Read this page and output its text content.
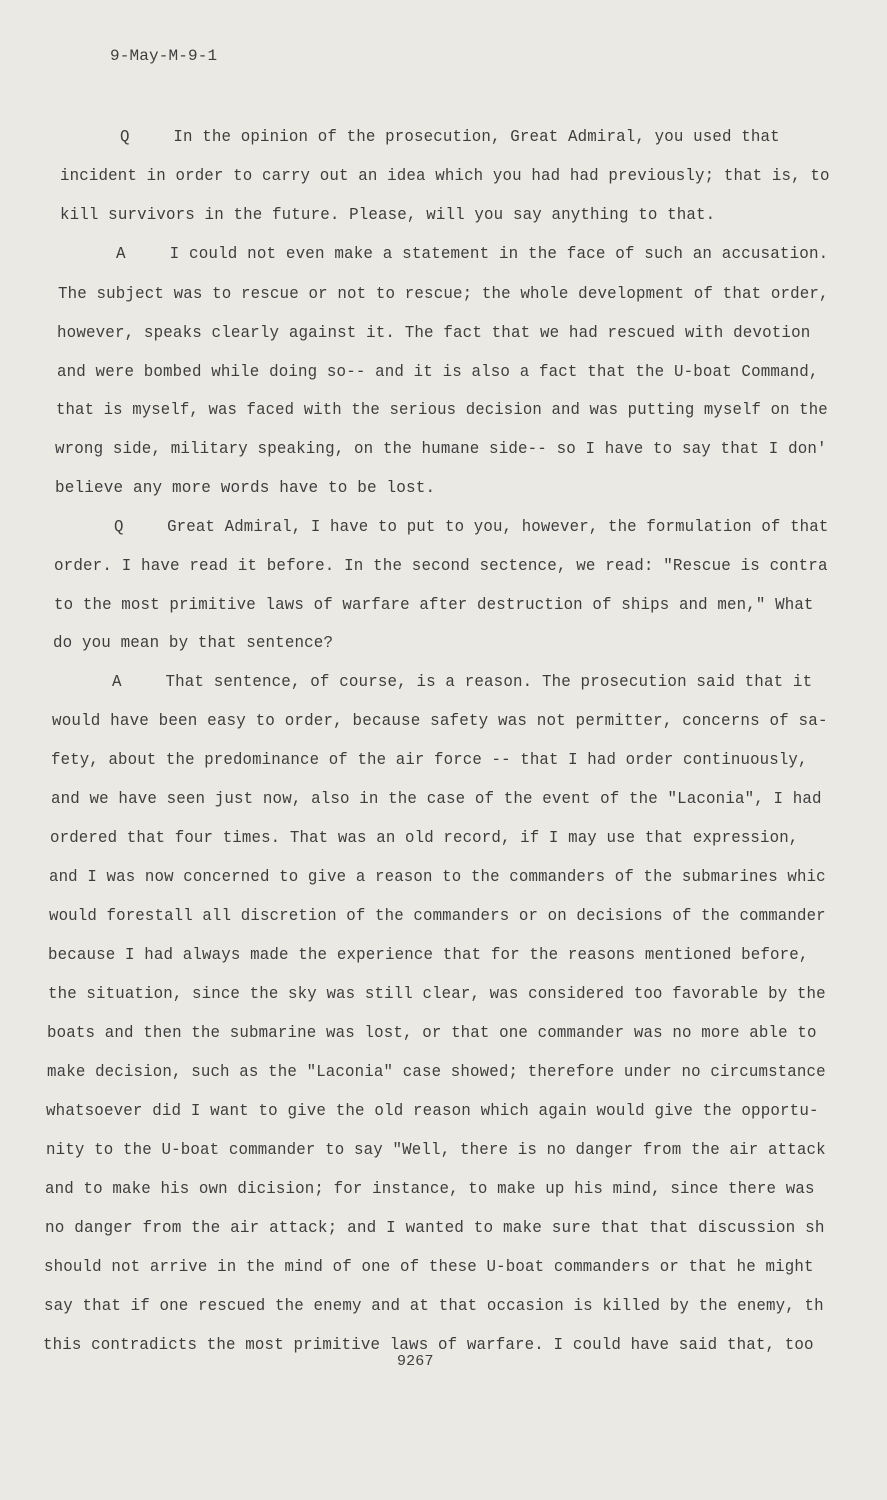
9-May-M-9-1
Q	In the opinion of the prosecution, Great Admiral, you used that
incident in order to carry out an idea which you had had previously; that is, to
kill survivors in the future. Please, will you say anything to that.
A	I could not even make a statement in the face of such an accusation.
The subject was to rescue or not to rescue; the whole development of that order,
however, speaks clearly against it. The fact that we had rescued with devotion
and were bombed while doing so-- and it is also a fact that the U-boat Command,
that is myself, was faced with the serious decision and was putting myself on the
wrong side, military speaking, on the humane side-- so I have to say that I don'
believe any more words have to be lost.
Q	Great Admiral, I have to put to you, however, the formulation of that
order. I have read it before. In the second sectence, we read: "Rescue is contra
to the most primitive laws of warfare after destruction of ships and men," What
do you mean by that sentence?
A	That sentence, of course, is a reason. The prosecution said that it
would have been easy to order, because safety was not permitter, concerns of sa-
fety, about the predominance of the air force -- that I had order continuously,
and we have seen just now, also in the case of the event of the "Laconia", I had
ordered that four times. That was an old record, if I may use that expression,
and I was now concerned to give a reason to the commanders of the submarines whic
would forestall all discretion of the commanders or on decisions of the commander
because I had always made the experience that for the reasons mentioned before,
the situation, since the sky was still clear, was considered too favorable by the
boats and then the submarine was lost, or that one commander was no more able to
make decision, such as the "Laconia" case showed; therefore under no circumstance
whatsoever did I want to give the old reason which again would give the opportu-
nity to the U-boat commander to say "Well, there is no danger from the air attack
and to make his own dicision; for instance, to make up his mind, since there was
no danger from the air attack; and I wanted to make sure that that discussion sh
should not arrive in the mind of one of these U-boat commanders or that he might
say that if one rescued the enemy and at that occasion is killed by the enemy, th
this contradicts the most primitive laws of warfare. I could have said that, too
9267
